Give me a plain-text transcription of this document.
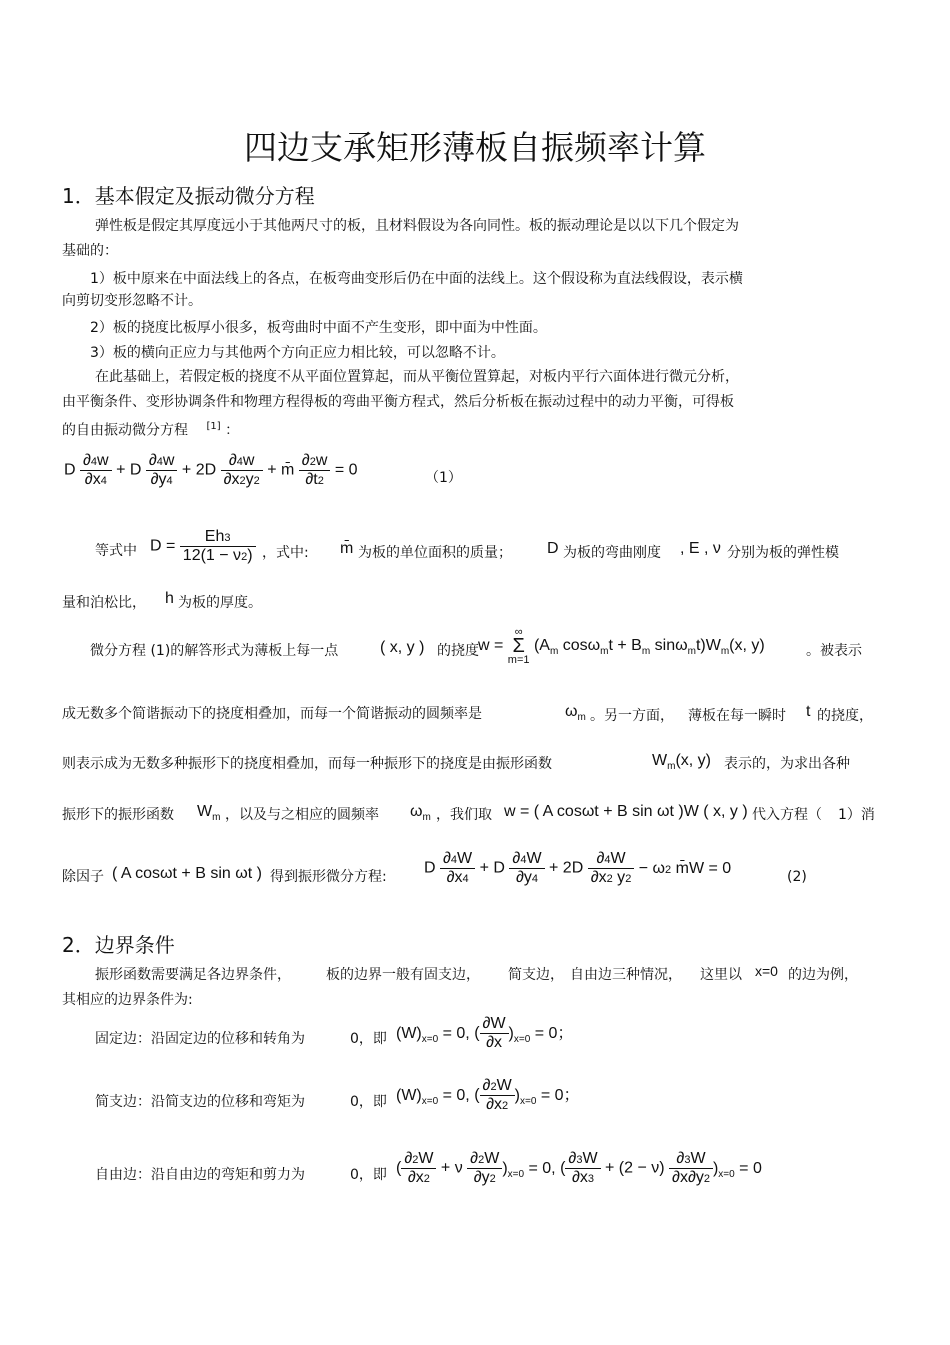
四边支承矩形薄板自振频率计算
1．基本假定及振动微分方程
弹性板是假定其厚度远小于其他两尺寸的板，且材料假设为各向同性。板的振动理论是以以下几个假定为
基础的：
1）板中原来在中面法线上的各点，在板弯曲变形后仍在中面的法线上。这个假设称为直法线假设，表示横
向剪切变形忽略不计。
2）板的挠度比板厚小很多，板弯曲时中面不产生变形，即中面为中性面。
3）板的横向正应力与其他两个方向正应力相比较，可以忽略不计。
在此基础上，若假定板的挠度不从平面位置算起，而从平衡位置算起，对板内平行六面体进行微元分析，
由平衡条件、变形协调条件和物理方程得板的弯曲平衡方程式，然后分析板在振动过程中的动力平衡，可得板
的自由振动微分方程 [1] ：
D $\frac{\partial 4w}{\partial x4} + D \frac{\partial 4w}{\partial y4} + 2D \frac{\partial 4w}{\partial x2y2}$ + m̄ $\frac{\partial 2w}{\partial t2} = 0$	（1）
等式中 $D = \frac{Eh3}{12(1 - \nu 2)}$ ，式中: m̄ 为板的单位面积的质量； D 为板的弯曲刚度 , E , ν 分别为板的弹性模
量和泊松比， h 为板的厚度。
微分方程 (1)的解答形式为薄板上每一点	( x, y ) 的挠度 w =
∞
Σ
m=1
($A_m$ $\cos\omega_mt + B_m$ $\sin\omega_mt)W_m(x$, y)	。被表示
成无数多个简谐振动下的挠度相叠加，而每一个简谐振动的圆频率是	$\omega_m$ 。另一方面， 薄板在每一瞬时 t 的挠度，
则表示成为无数多种振形下的挠度相叠加，而每一种振形下的挠度是由振形函数	$W_m(x$, y) 表示的，为求出各种
振形下的振形函数 $W_m$ ，以及与之相应的圆频率 $\omega_m$ ，我们取 w = ( A cosωt + B sin ωt )W ( x, y ) 代入方程（ 1）消
除因子 ( A cosωt + B sin ωt ) 得到振形微分方程:
D $\frac{\partial 4W}{\partial x4} + D \frac{\partial 4W}{\partial y4} + 2D \frac{\partial 4W}{\partial x2 y2} - \omega 2$ m̄W = 0
(2)
2．边界条件
振形函数需要满足各边界条件，	板的边界一般有固支边， 简支边， 自由边三种情况， 这里以 x=0 的边为例，
其相应的边界条件为:
固定边：沿固定边的位移和转角为	0，即 $(W)_{x=0} = 0$, ( $\frac{\partial W}{\partial x} )_{x=0} = 0$；
简支边：沿简支边的位移和弯矩为	0，即 $(W)_{x=0} = 0$, ( $\frac{\partial 2W}{\partial x2} )_{x=0} = 0$；
自由边：沿自由边的弯矩和剪力为	0，即 ( $\frac{\partial 2W}{\partial x2} + \nu \frac{\partial 2W}{\partial y2} )_{x=0} = 0$, ( $\frac{\partial 3W}{\partial x3} + (2 - \nu) \frac{\partial 3W}{\partial x\partial y2} )_{x=0} = 0$
